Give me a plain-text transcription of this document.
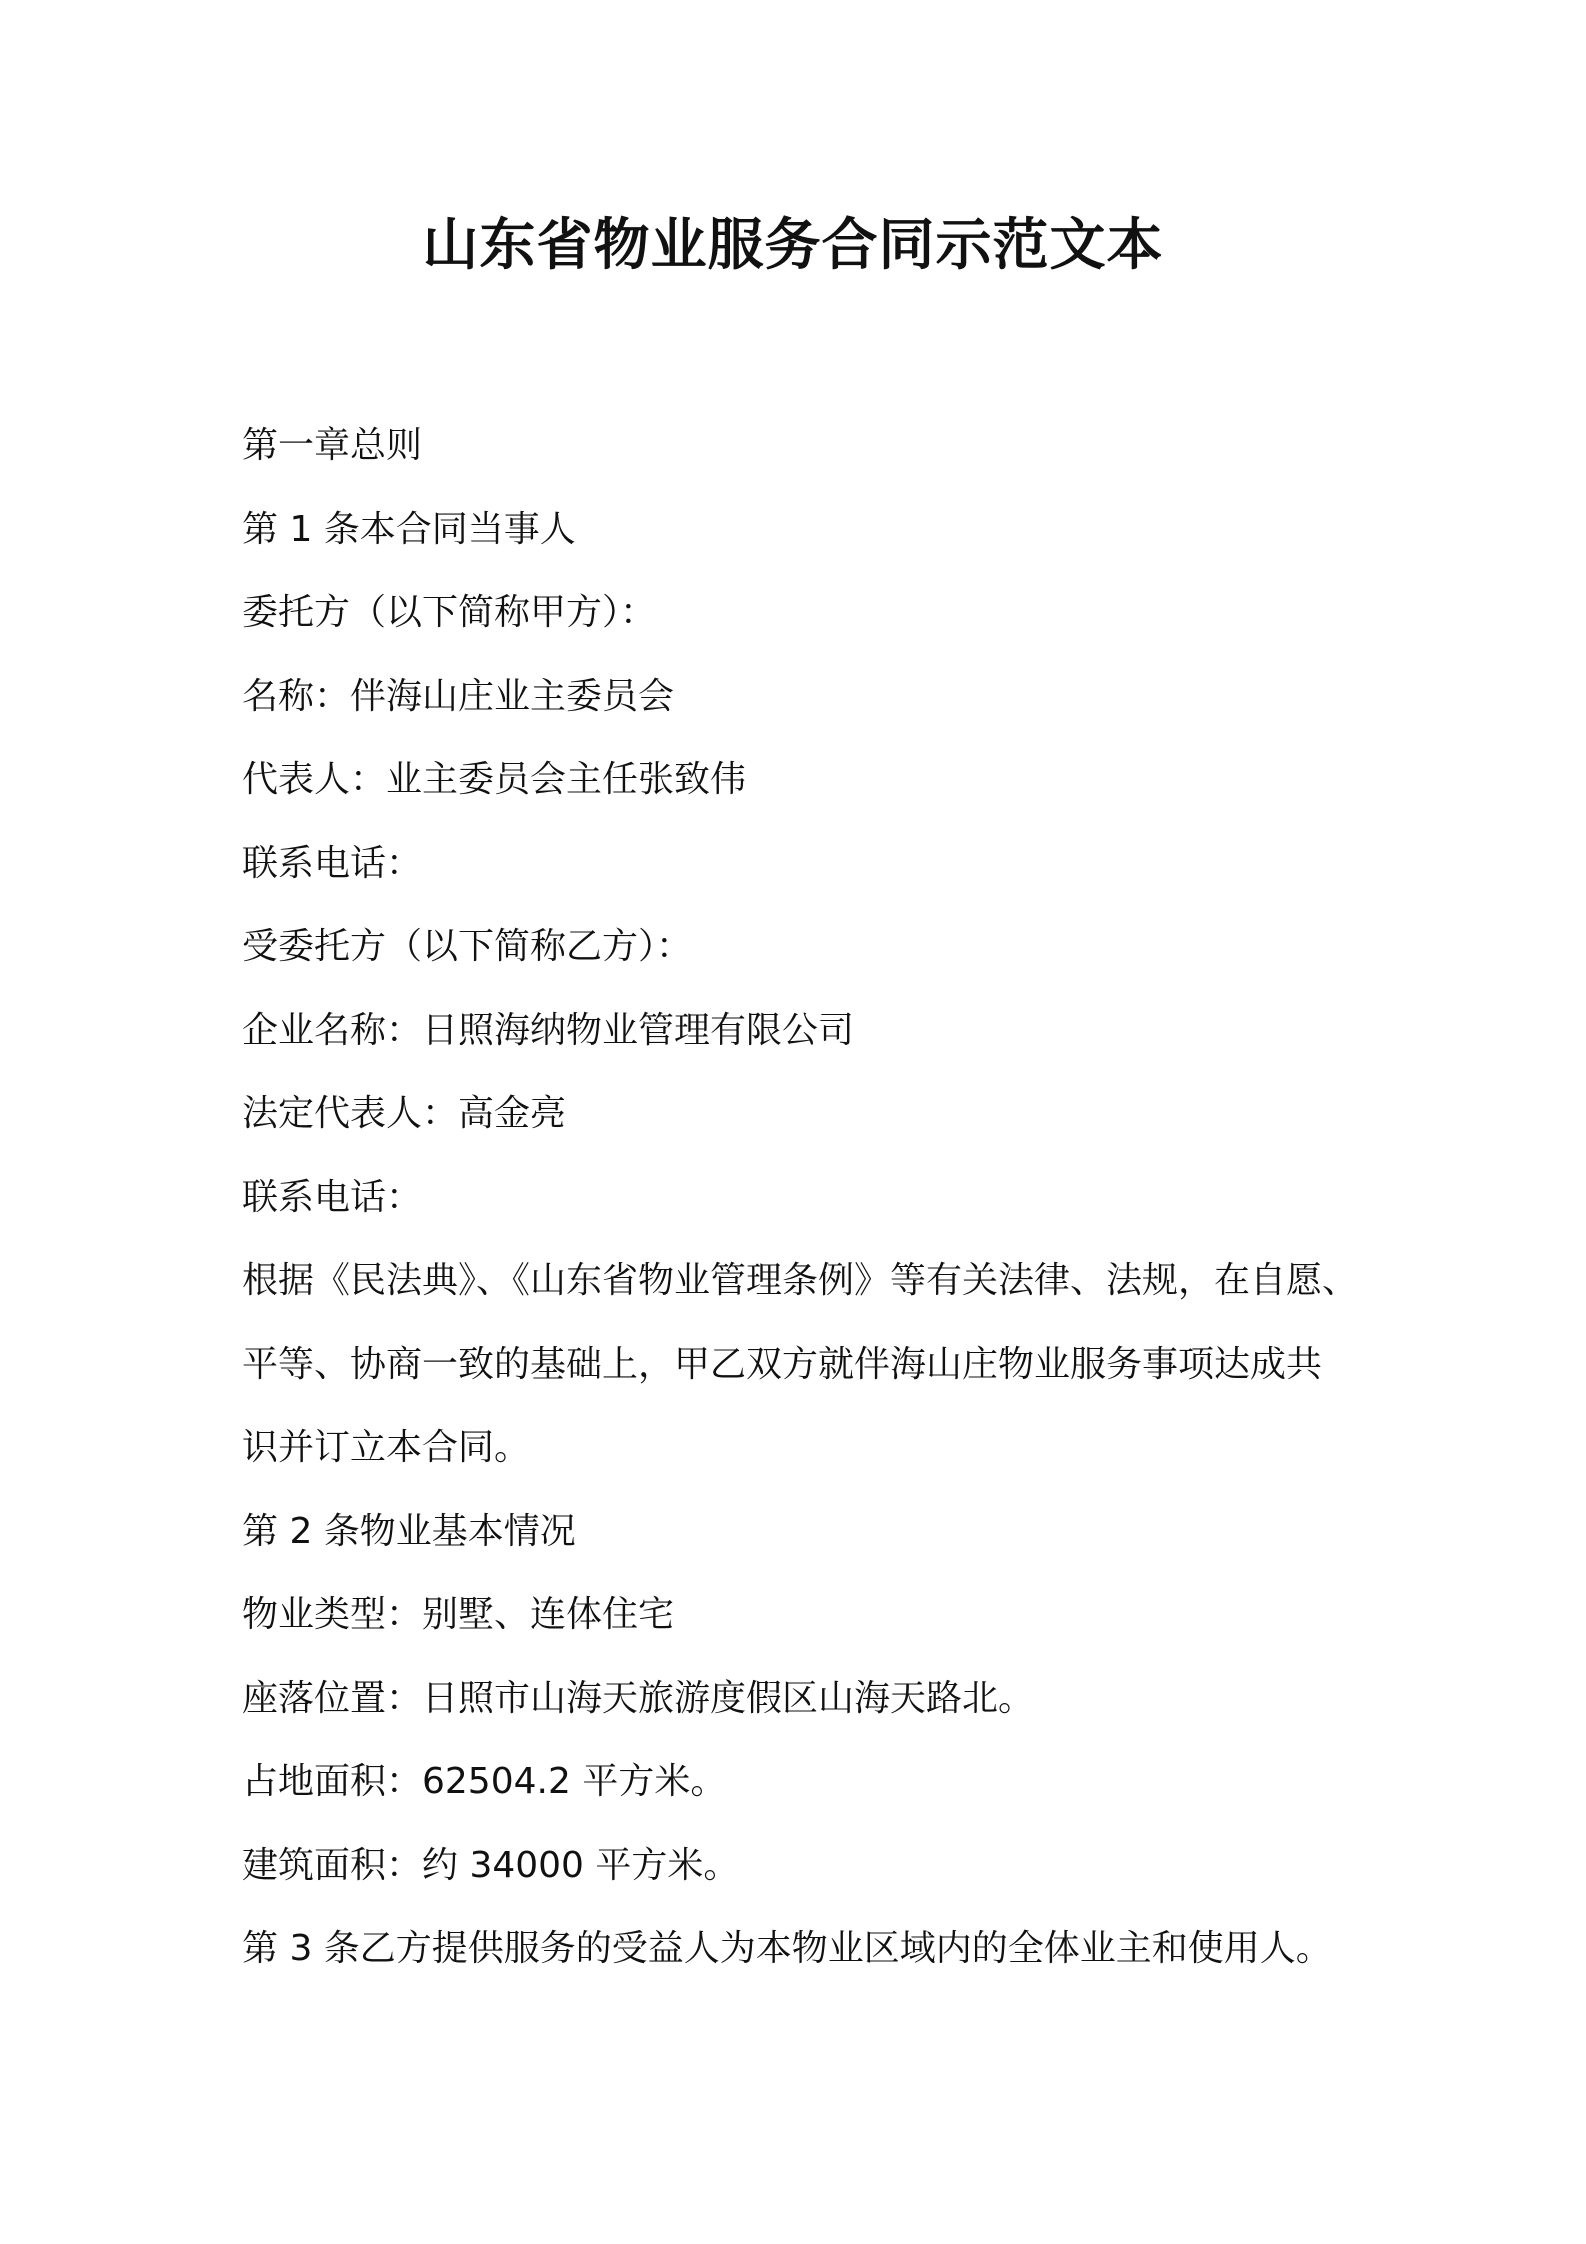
山东省物业服务合同示范文本
第一章总则
第 1 条本合同当事人
委托方（以下简称甲方）：
名称：伴海山庄业主委员会
代表人：业主委员会主任张致伟
联系电话：
受委托方（以下简称乙方）：
企业名称：日照海纳物业管理有限公司
法定代表人：高金亮
联系电话：
根据《民法典》、《山东省物业管理条例》等有关法律、法规，在自愿、
平等、协商一致的基础上，甲乙双方就伴海山庄物业服务事项达成共
识并订立本合同。
第 2 条物业基本情况
物业类型：别墅、连体住宅
座落位置：日照市山海天旅游度假区山海天路北。
占地面积：62504.2 平方米。
建筑面积：约 34000 平方米。
第 3 条乙方提供服务的受益人为本物业区域内的全体业主和使用人。
